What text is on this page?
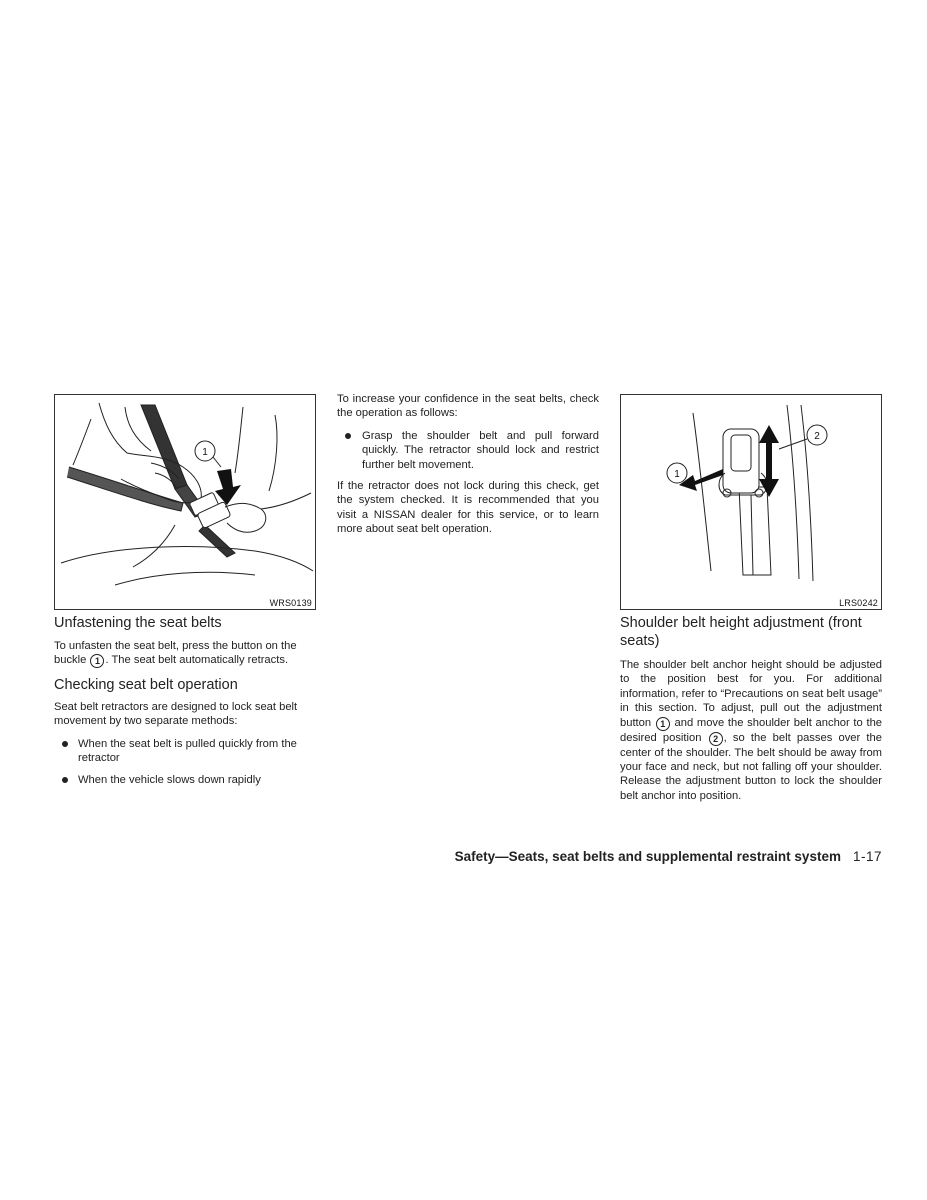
1
WRS0139
1
2
LRS0242
Unfastening the seat belts
To unfasten the seat belt, press the button on the
buckle 1 . The seat belt automatically retracts.
Checking seat belt operation
Seat belt retractors are designed to lock seat belt movement by two separate methods:
When the seat belt is pulled quickly from the retractor
When the vehicle slows down rapidly
To increase your confidence in the seat belts, check the operation as follows:
Grasp the shoulder belt and pull forward quickly. The retractor should lock and restrict further belt movement.
If the retractor does not lock during this check, get the system checked. It is recommended that you visit a NISSAN dealer for this service, or to learn more about seat belt operation.
Shoulder belt height adjustment (front seats)
The shoulder belt anchor height should be adjusted to the position best for you. For additional information, refer to “Precautions on seat belt usage” in this section. To adjust, pull out the adjustment button 1 and move the shoulder belt anchor to the desired position 2 , so the belt passes over the center of the shoulder. The belt should be away from your face and neck, but not falling off your shoulder. Release the adjustment button to lock the shoulder belt anchor into position.
Safety—Seats, seat belts and supplemental restraint system 1-17
